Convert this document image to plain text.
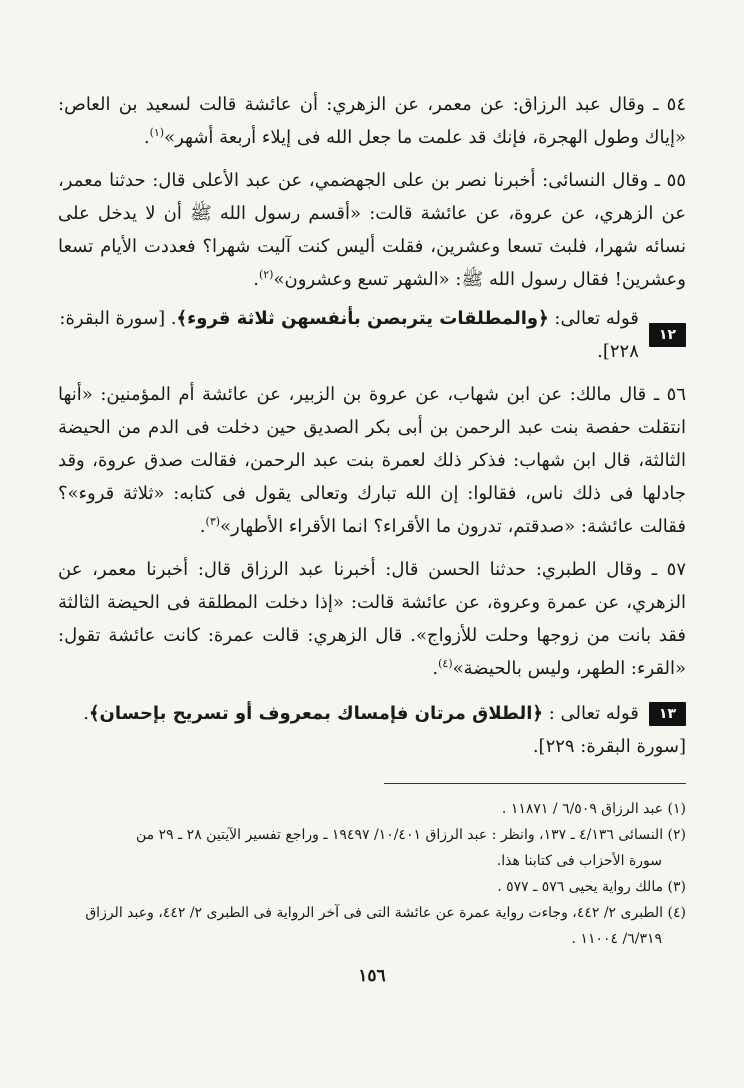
٥٤ ـ وقال عبد الرزاق: عن معمر، عن الزهري: أن عائشة قالت لسعيد بن العاص: «إياك وطول الهجرة، فإنك قد علمت ما جعل الله فى إيلاء أربعة أشهر»$^{(١)}$.

٥٥ ـ وقال النسائى: أخبرنا نصر بن على الجهضمي، عن عبد الأعلى قال: حدثنا معمر، عن الزهري، عن عروة، عن عائشة قالت: «أقسم رسول الله ﷺ أن لا يدخل على نسائه شهرا، فلبث تسعا وعشرين، فقلت أليس كنت آليت شهرا؟ فعددت الأيام تسعا وعشرين! فقال رسول الله ﷺ: «الشهر تسع وعشرون»$^{(٢)}$.

١٢
قوله تعالى: ﴿والمطلقات يتربصن بأنفسهن ثلاثة قروء﴾. [سورة البقرة: ٢٢٨].

٥٦ ـ قال مالك: عن ابن شهاب، عن عروة بن الزبير، عن عائشة أم المؤمنين: «أنها انتقلت حفصة بنت عبد الرحمن بن أبى بكر الصديق حين دخلت فى الدم من الحيضة الثالثة، قال ابن شهاب: فذكر ذلك لعمرة بنت عبد الرحمن، فقالت صدق عروة، وقد جادلها فى ذلك ناس، فقالوا: إن الله تبارك وتعالى يقول فى كتابه: «ثلاثة قروء»؟ فقالت عائشة: «صدقتم، تدرون ما الأقراء؟ انما الأقراء الأطهار»$^{(٣)}$.

٥٧ ـ وقال الطبري: حدثنا الحسن قال: أخبرنا عبد الرزاق قال: أخبرنا معمر، عن الزهري، عن عمرة وعروة، عن عائشة قالت: «إذا دخلت المطلقة فى الحيضة الثالثة فقد بانت من زوجها وحلت للأزواج». قال الزهري: قالت عمرة: كانت عائشة تقول: «القرء: الطهر، وليس بالحيضة»$^{(٤)}$.

١٣
قوله تعالى : ﴿الطلاق مرتان فإمساك بمعروف أو تسريح بإحسان﴾.

[سورة البقرة: ٢٢٩].

(١) عبد الرزاق ٦/٥٠٩ / ١١٨٧١ .

(٢) النسائى ٤/١٣٦ ـ ١٣٧، وانظر : عبد الرزاق ١٠/٤٠١/ ١٩٤٩٧ ـ وراجع تفسير الآيتين ٢٨ ـ ٢٩ من

سورة الأحزاب فى كتابنا هذا.

(٣) مالك رواية يحيى ٥٧٦ ـ ٥٧٧ .

(٤) الطبرى ٢/ ٤٤٢، وجاءت رواية عمرة عن عائشة التى فى آخر الرواية فى الطبرى ٢/ ٤٤٢، وعبد الرزاق

٦/٣١٩/ ١١٠٠٤ .

١٥٦
